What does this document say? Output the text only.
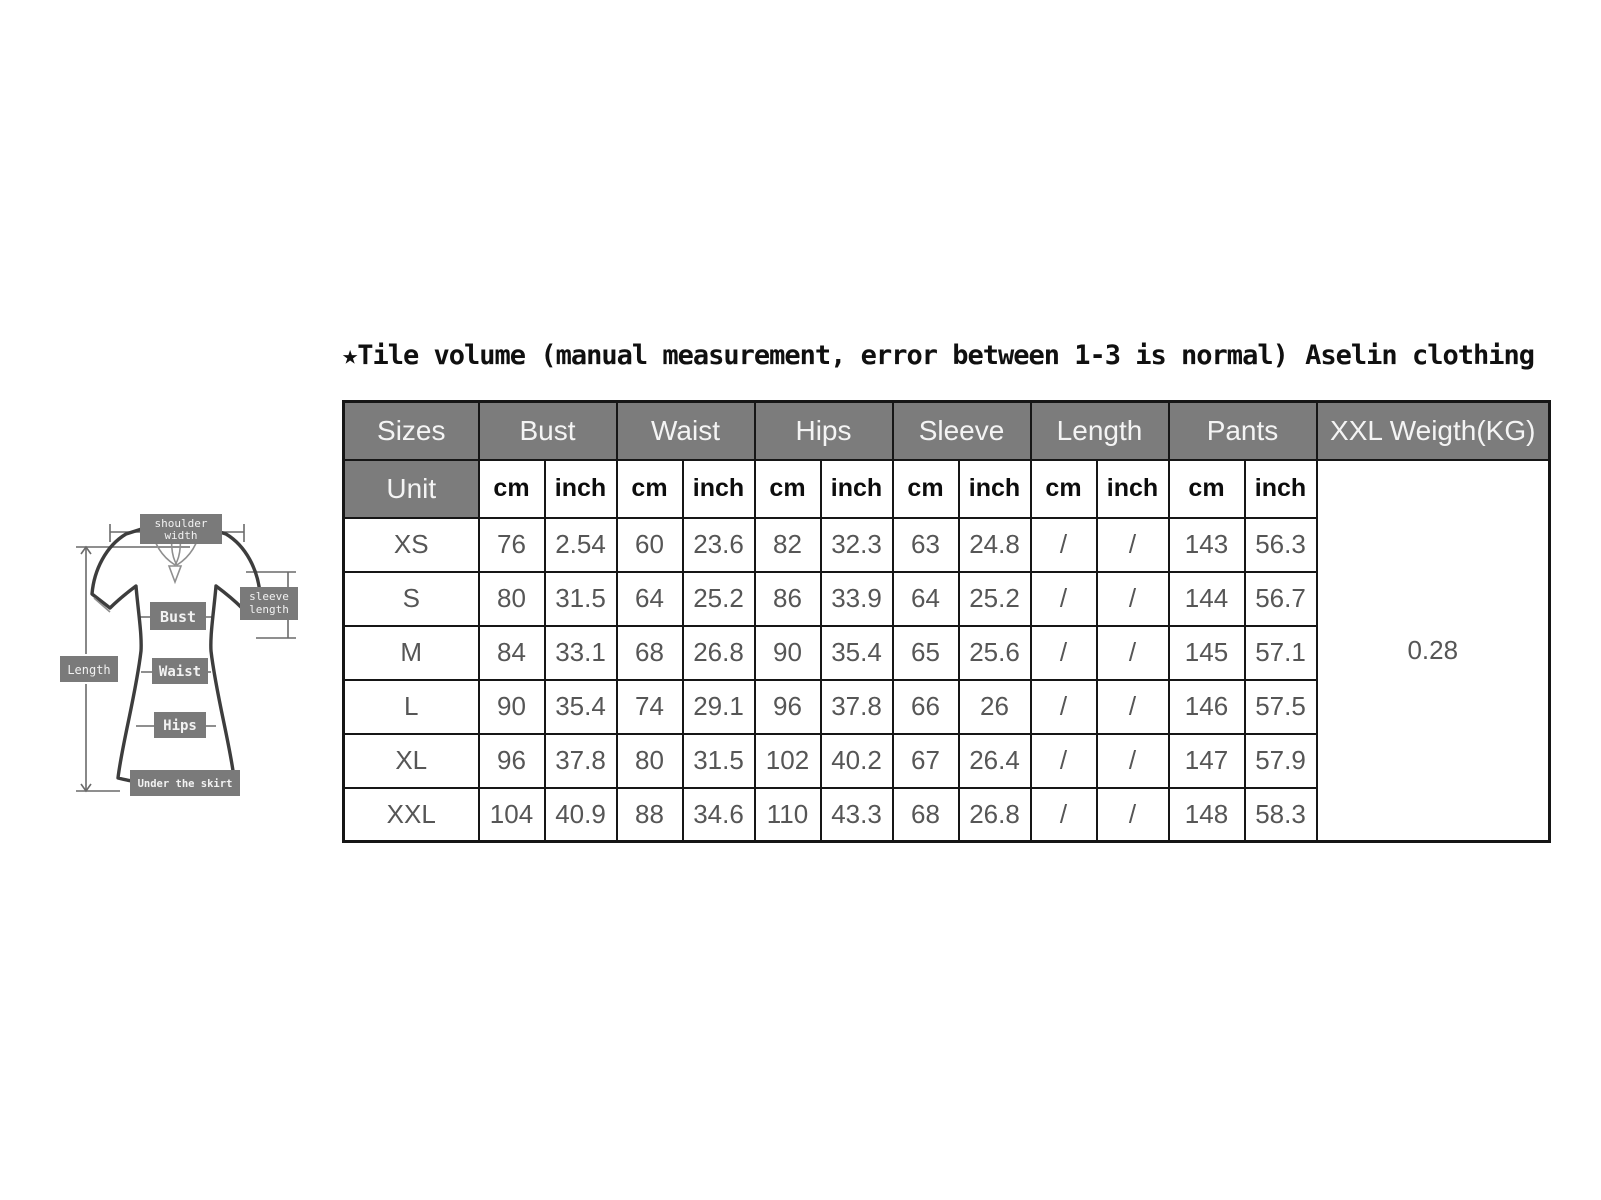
★Tile volume (manual measurement, error between 1-3 is normal) Aselin clothing
shoulder
width
sleeve
length
Bust
Waist
Hips
Length
Under the skirt
Sizes	Bust		Waist		Hips		Sleeve		Length		Pants		XXL Weigth(KG)
Unit	cm	inch	cm	inch	cm	inch	cm	inch	cm	inch	cm	inch	0.28
XS	76	2.54	60	23.6	82	32.3	63	24.8	/	/	143	56.3	
S	80	31.5	64	25.2	86	33.9	64	25.2	/	/	144	56.7	
M	84	33.1	68	26.8	90	35.4	65	25.6	/	/	145	57.1	
L	90	35.4	74	29.1	96	37.8	66	26	/	/	146	57.5	
XL	96	37.8	80	31.5	102	40.2	67	26.4	/	/	147	57.9	
XXL	104	40.9	88	34.6	110	43.3	68	26.8	/	/	148	58.3	
